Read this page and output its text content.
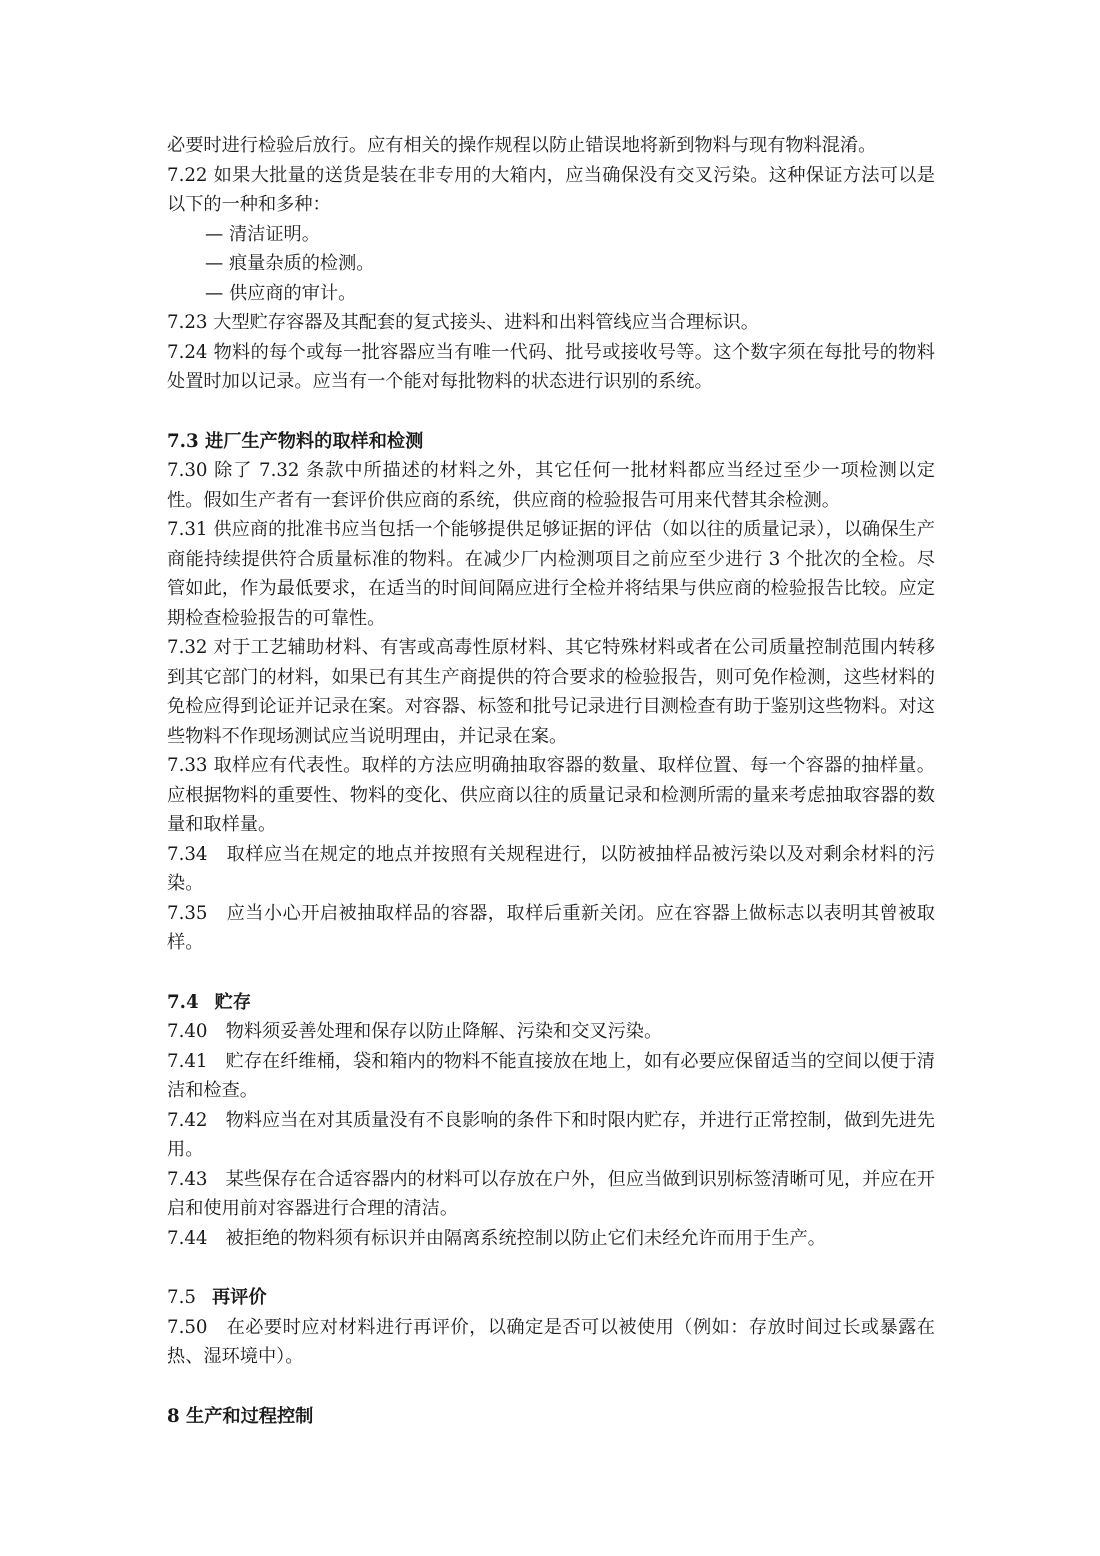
必要时进行检验后放行。应有相关的操作规程以防止错误地将新到物料与现有物料混淆。

7.22 如果大批量的送货是装在非专用的大箱内，应当确保没有交叉污染。这种保证方法可以是以下的一种和多种：

— 清洁证明。

— 痕量杂质的检测。

— 供应商的审计。

7.23 大型贮存容器及其配套的复式接头、进料和出料管线应当合理标识。

7.24 物料的每个或每一批容器应当有唯一代码、批号或接收号等。这个数字须在每批号的物料处置时加以记录。应当有一个能对每批物料的状态进行识别的系统。

7.3 进厂生产物料的取样和检测

7.30 除了 7.32 条款中所描述的材料之外，其它任何一批材料都应当经过至少一项检测以定性。假如生产者有一套评价供应商的系统，供应商的检验报告可用来代替其余检测。

7.31 供应商的批准书应当包括一个能够提供足够证据的评估（如以往的质量记录），以确保生产商能持续提供符合质量标准的物料。在减少厂内检测项目之前应至少进行 3 个批次的全检。尽管如此，作为最低要求，在适当的时间间隔应进行全检并将结果与供应商的检验报告比较。应定期检查检验报告的可靠性。

7.32 对于工艺辅助材料、有害或高毒性原材料、其它特殊材料或者在公司质量控制范围内转移到其它部门的材料，如果已有其生产商提供的符合要求的检验报告，则可免作检测，这些材料的免检应得到论证并记录在案。对容器、标签和批号记录进行目测检查有助于鉴别这些物料。对这些物料不作现场测试应当说明理由，并记录在案。

7.33 取样应有代表性。取样的方法应明确抽取容器的数量、取样位置、每一个容器的抽样量。应根据物料的重要性、物料的变化、供应商以往的质量记录和检测所需的量来考虑抽取容器的数量和取样量。

7.34　取样应当在规定的地点并按照有关规程进行，以防被抽样品被污染以及对剩余材料的污染。

7.35　应当小心开启被抽取样品的容器，取样后重新关闭。应在容器上做标志以表明其曾被取样。

7.4 贮存

7.40　物料须妥善处理和保存以防止降解、污染和交叉污染。

7.41　贮存在纤维桶，袋和箱内的物料不能直接放在地上，如有必要应保留适当的空间以便于清洁和检查。

7.42　物料应当在对其质量没有不良影响的条件下和时限内贮存，并进行正常控制，做到先进先用。

7.43　某些保存在合适容器内的材料可以存放在户外，但应当做到识别标签清晰可见，并应在开启和使用前对容器进行合理的清洁。

7.44　被拒绝的物料须有标识并由隔离系统控制以防止它们未经允许而用于生产。

7.5 再评价

7.50　在必要时应对材料进行再评价，以确定是否可以被使用（例如：存放时间过长或暴露在热、湿环境中）。

8 生产和过程控制
